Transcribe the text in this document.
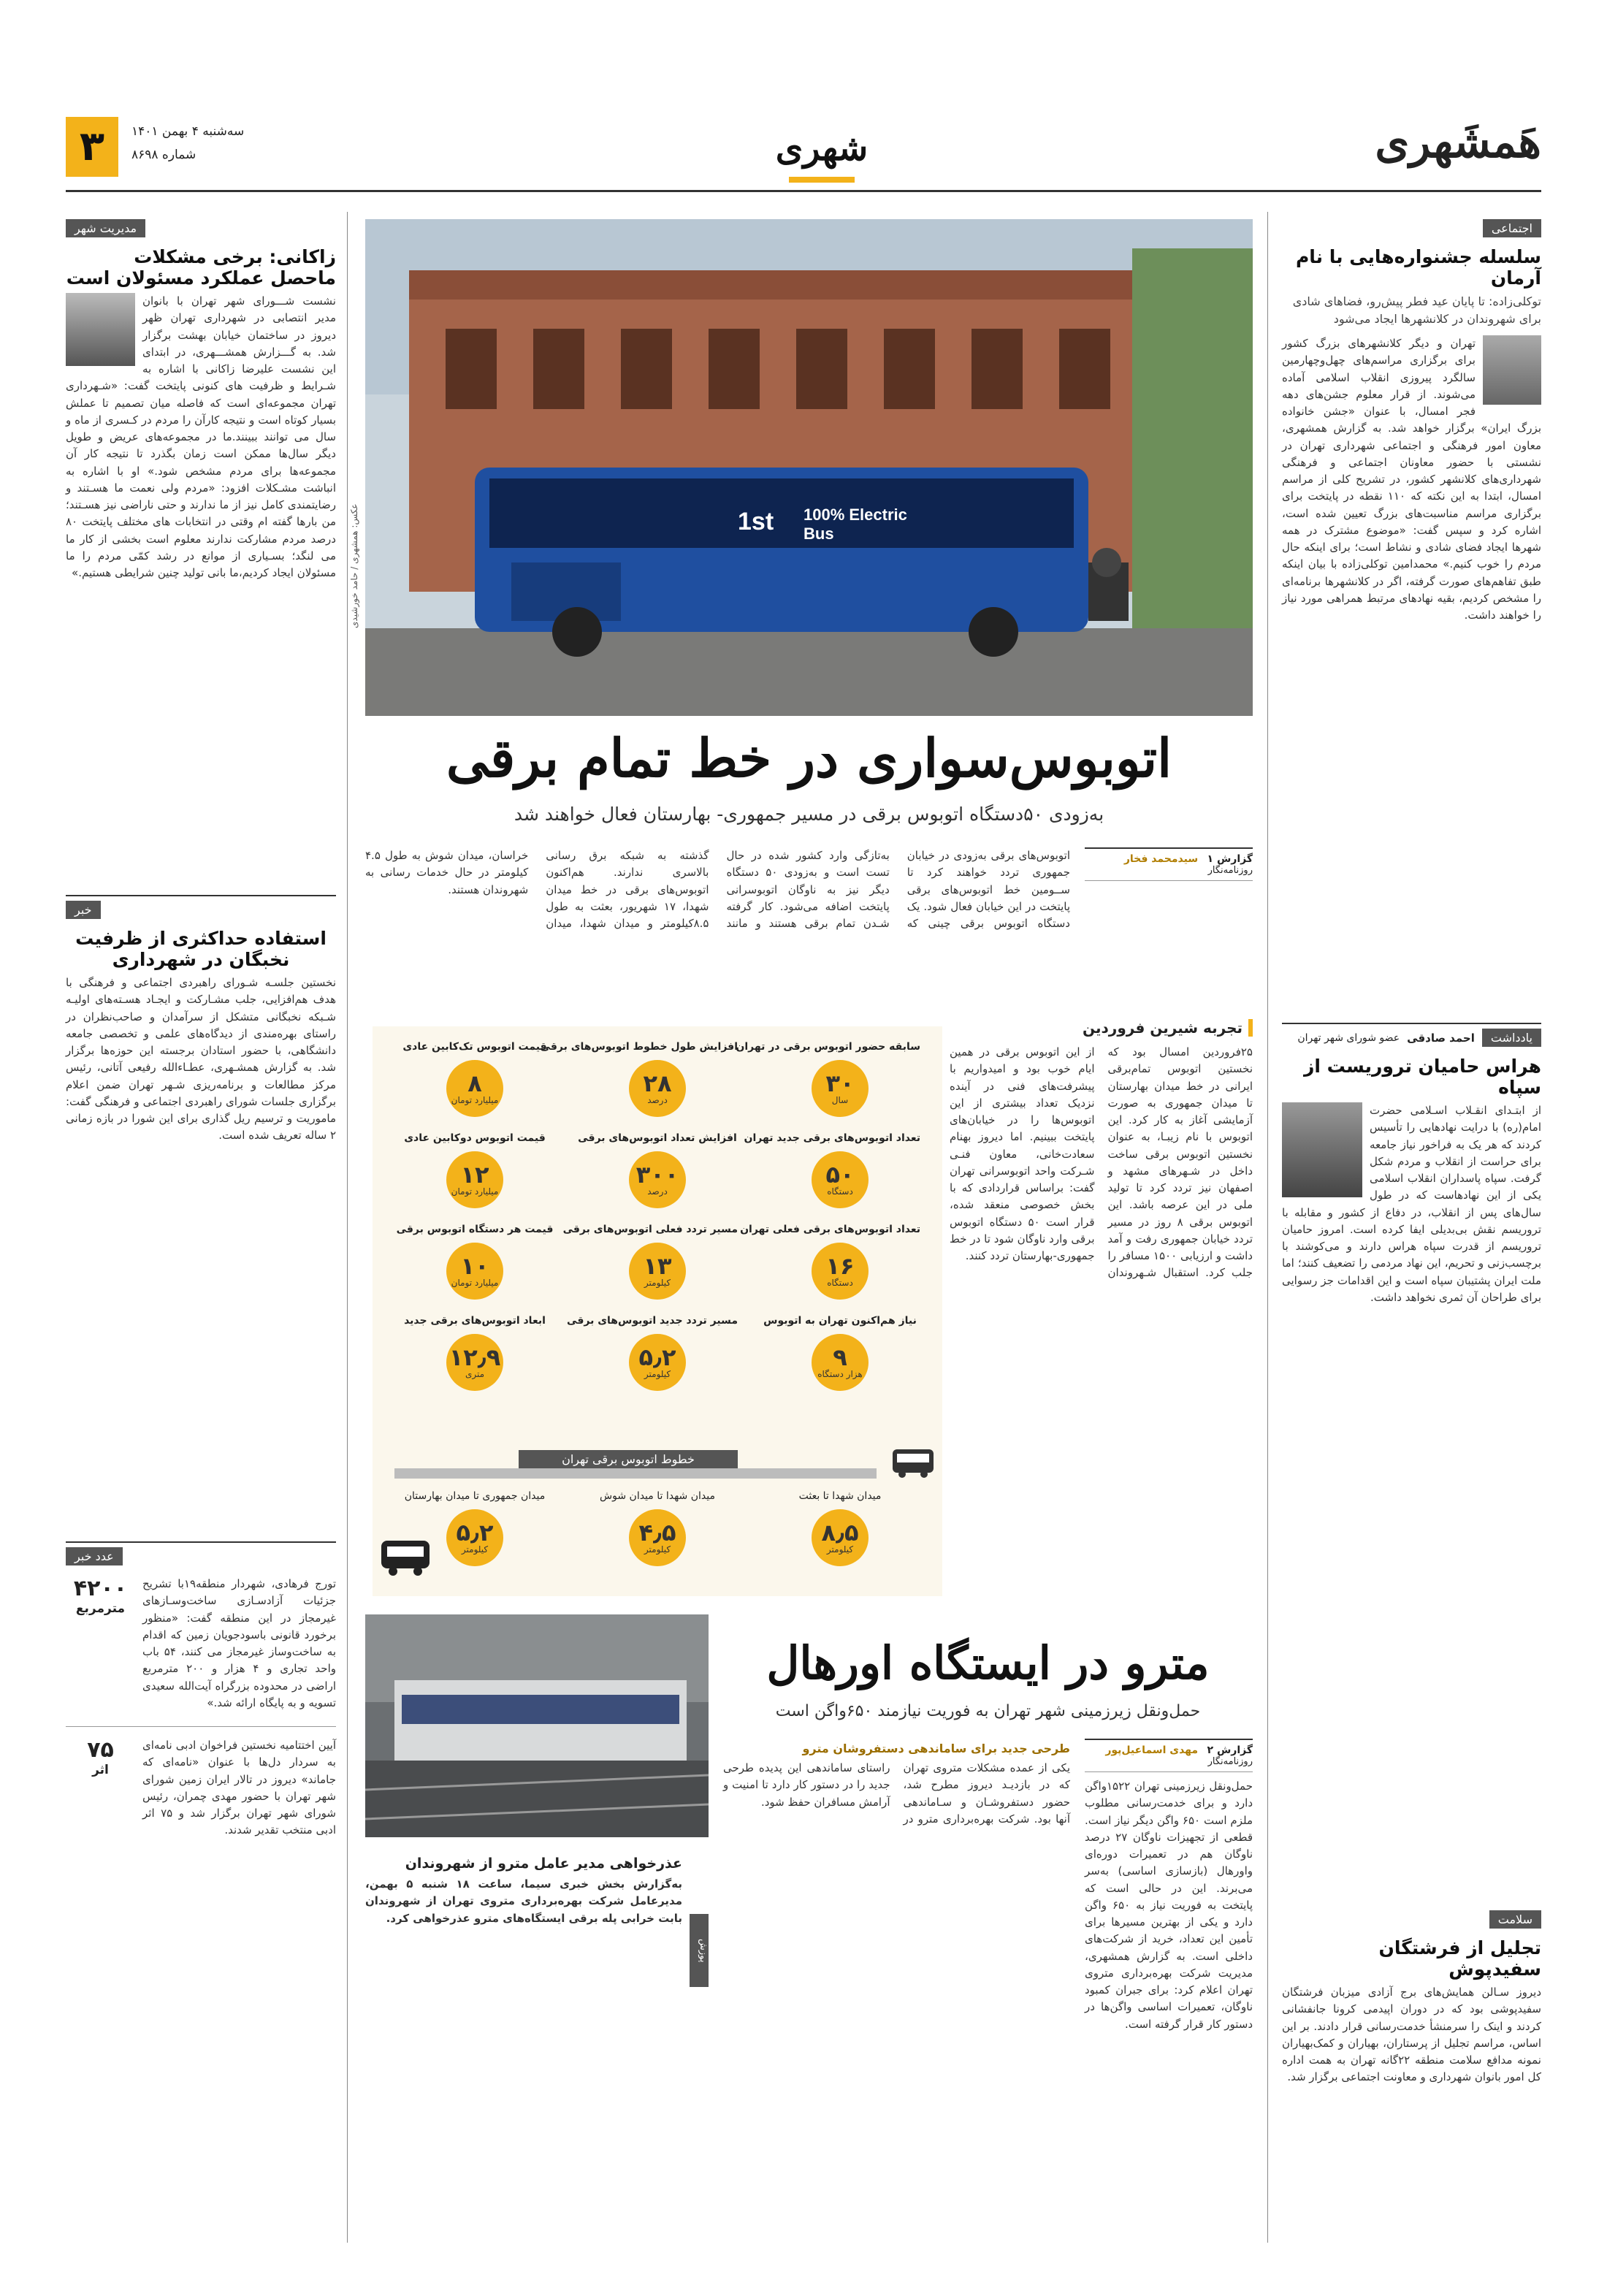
هَمشَهری
شهری
۳	سه‌شنبه ۴ بهمن ۱۴۰۱
شماره ۸۶۹۸
اجتماعی
سلسله جشنواره‌هایی با نام آرمان

توکلی‌زاده: تا پایان عید فطر پیش‌رو، فضاهای شادی برای شهروندان در کلانشهرها ایجاد می‌شود

تهران و دیگر کلانشهرهای بزرگ کشور برای برگزاری مراسم‌های چهل‌وچهارمین سالگرد پیروزی انقلاب اسلامی آماده می‌شوند. از قرار معلوم جشن‌های دهه فجر امسال، با عنوان «جشن خانواده بزرگ ایران» برگزار خواهد شد. به گزارش همشهری، معاون امور فرهنگی و اجتماعی شهرداری تهران در نشستی با حضور معاونان اجتماعی و فرهنگی شهرداری‌های کلانشهر کشور، در تشریح کلی از مراسم امسال، ابتدا به این نکته که ۱۱۰ نقطه در پایتخت برای برگزاری مراسم مناسبت‌های بزرگ تعیین شده است، اشاره کرد و سپس گفت: «موضوع مشترک در همه شهرها ایجاد فضای شادی و نشاط است؛ برای اینکه حال مردم را خوب کنیم.» محمدامین توکلی‌زاده با بیان اینکه طبق تفاهم‌های صورت گرفته، اگر در کلانشهرها برنامه‌ای را مشخص کردیم، بقیه نهادهای مرتبط همراهی مورد نیاز را خواهند داشت.

یادداشت
احمد صادقی
عضو شورای شهر تهران
هراس حامیان تروریست از سپاه

از ابتـدای انقـلاب اسـلامی حضرت امام(ره) با درایت نهادهایی را تأسیس کردند که هر یک به فراخور نیاز جامعه برای حراست از انقلاب و مردم شکل گرفت. سپاه پاسداران انقلاب اسلامی یکی از این نهادهاست که در طول سال‌های پس از انقلاب، در دفاع از کشور و مقابله با تروریسم نقش بی‌بدیلی ایفا کرده است. امروز حامیان تروریسم از قدرت سپاه هراس دارند و می‌کوشند با برچسب‌زنی و تحریم، این نهاد مردمی را تضعیف کنند؛ اما ملت ایران پشتیبان سپاه است و این اقدامات جز رسوایی برای طراحان آن ثمری نخواهد داشت.

سلامت
تجلیل از فرشتگان سفیدپوش

دیروز سـالن همایش‌های برج آزادی میزبان فرشتگان سفیدپوشی بود که در دوران اپیدمی کرونا جانفشانی کردند و اینک را سرمنشأ خدمت‌رسانی قرار دادند. بر این اساس، مراسم تجلیل از پرستاران، بهیاران و کمک‌بهیاران نمونه مدافع سلامت منطقه ۲۲گانه تهران به همت اداره کل امور بانوان شهرداری و معاونت اجتماعی برگزار شد.

مدیریت شهر
زاکانی: برخی مشکلات ماحصل عملکرد مسئولان است

نشست شـــورای شهر تهران با بانوان مدیر انتصابی در شهرداری تهران ظهر دیروز در ساختمان خیابان بهشت برگزار شد. به گـــزارش همشـــهری، در ابتدای این نشست علیرضا زاکانی با اشاره به شـرایط و ظرفیت های کنونی پایتخت گفت: «شـهرداری تهران مجموعه‌ای است که فاصله میان تصمیم تا عملش بسیار کوتاه است و نتیجه کارآن را مردم در کـسری از ماه و سال می توانند ببینند.ما در مجموعه‌های عریض و طویل دیگر سال‌ها ممکن است زمان بگذرد تا نتیجه کار آن مجموعه‌ها برای مردم مشخص شود.» او با اشاره به انباشت مشـکلات افزود: «مردم ولی نعمت ما هسـتند و رضایتمندی کامل نیز از ما ندارند و حتی ناراضی نیز هسـتند؛ من بارها گفته ام وقتی در انتخابات های مختلف پایتخت ۸۰ درصد مردم مشارکت ندارند معلوم است بخشی از کار ما می لنگد؛ بسـیاری از موانع در رشد کمّی مردم را ما مسئولان ایجاد کردیم،ما بانی تولید چنین شرایطی هستیم.»

خبر
استفاده حداکثری از ظرفیت نخبگان در شهرداری

نخستین جلسـه شـورای راهبردی اجتماعی و فرهنگی با هدف هم‌افزایی، جلب مشـارکت و ایجـاد هسـته‌های اولیـه شـبکه نخبگانی متشکل از سرآمدان و صاحب‌نظران در راستای بهره‌مندی از دیدگاه‌های علمی و تخصصی جامعه دانشگاهی، با حضور استادان برجسته این حوزه‌ها برگزار شد. به گزارش همشـهری، عطـاءالله رفیعی آتانی، رئیس مرکز مطالعات و برنامه‌ریزی شـهر تهران ضمن اعلام برگزاری جلسات شورای راهبردی اجتماعی و فرهنگی گفت: ماموریت و ترسیم ریل گذاری برای این شورا در بازه زمانی ۲ ساله تعریف شده است.

عدد خبر

تورج فرهادی، شهردار منطقه۱۹با تشریح جزئیات آزادسـازی ساخت‌وسـازهای غیرمجاز در این منطقه گفت: «منظور برخورد قانونی باسودجویان زمین که اقدام به ساخت‌وساز غیرمجاز می کنند، ۵۴ باب واحد تجاری و ۴ هزار و ۲۰۰ مترمربع اراضی در محدوده بزرگراه آیت‌الله سعیدی تسویه و به پایگاه ارائه شد.»

۴۲۰۰
مترمربع

آیین اختتامیه نخستین فراخوان ادبی نامه‌ای به سردار دل‌ها با عنوان «نامه‌ای که جاماند» دیروز در تالار ایران زمین شورای شهر تهران با حضور مهدی چمران، رئیس شورای شهر تهران برگزار شد و ۷۵ اثر ادبی منتخب تقدیر شدند.

۷۵
اثر
1st 100% Electric Bus
عکس: همشهری / حامد خورشیدی
اتوبوس‌سواری در خط تمام برقی
به‌زودی ۵۰دستگاه اتوبوس برقی در مسیر جمهوری- بهارستان فعال خواهند شد
گزارش ۱ سید‌محمد فخار
روزنامه‌نگار

اتوبوس‌های برقی به‌زودی در خیابان جمهوری تردد خواهند کرد تا ســومین خط اتوبوس‌های برقی پایتخت در این خیابان فعال شود. یک دستگاه اتوبوس برقی چینی که به‌تازگی وارد کشور شده در حال تست است و به‌زودی ۵۰ دستگاه دیگر نیز به ناوگان اتوبوسرانی پایتخت اضافه می‌شود. کار گرفته شـدن تمام برقی هستند و مانند گذشته به شبکه برق رسانی بالاسری ندارند. هم‌اکنون اتوبوس‌های برقی در خط میدان شهدا، ۱۷ شهریور، بعثت به طول ۸.۵کیلومتر و میدان شهدا، میدان خراسان، میدان شوش به طول ۴.۵ کیلومتر در حال خدمات رسانی به شهروندان هستند.

تجربه شیرین فروردین

۲۵فروردین امسال بود که نخستین اتوبوس تمام‌برقی ایرانی در خط میدان بهارستان تا میدان جمهوری به صورت آزمایشی آغاز به کار کرد. این اتوبوس با نام زیبـا، به عنوان نخستین اتوبوس برقی ساخت داخل در شـهرهای مشهد و اصفهان نیز تردد کرد تا تولید ملی در این عرصه باشد. این اتوبوس برقی ۸ روز در مسیر تردد خیابان جمهوری رفت و آمد داشت و ارزیابی ۱۵۰۰ مسافر را جلب کرد. استقبال شـهروندان از این اتوبوس برقی در همین ایام خوب بود و امیدواریم با پیشرفت‌های فنی در آینده نزدیک تعداد بیشتری از این اتوبوس‌ها را در خیابان‌های پایتخت ببینیم. اما دیروز بهنام سعادت‌خانی، معاون فنـی شـرکت واحد اتوبوسرانی تهران گفت: براساس قراردادی که با بخش خصوصی منعقد شده، قرار است ۵۰ دستگاه اتوبوس برقی وارد ناوگان شود تا در خط جمهوری-بهارستان تردد کنند.

سابقه حضور اتوبوس برقی در تهران
۳۰
سال
افزایش طول خطوط اتوبوس‌های برقی
۲۸
درصد
قیمت اتوبوس تک‌کابین عادی
۸
میلیارد تومان
تعداد اتوبوس‌های برقی جدید تهران
۵۰
دستگاه
افزایش تعداد اتوبوس‌های برقی
۳۰۰
درصد
قیمت اتوبوس دوکابین عادی
۱۲
میلیارد تومان
تعداد اتوبوس‌های برقی فعلی تهران
۱۶
دستگاه
مسیر تردد فعلی اتوبوس‌های برقی
۱۳
کیلومتر
قیمت هر دستگاه اتوبوس برقی
۱۰
میلیارد تومان
نیاز هم‌اکنون تهران به اتوبوس
۹
هزار دستگاه
مسیر تردد جدید اتوبوس‌های برقی
۵٫۲
کیلومتر
ابعاد اتوبوس‌های برقی جدید
۱۲٫۹
متری
خطوط اتوبوس برقی تهران
میدان شهدا تا بعثت
۸٫۵
کیلومتر
میدان شهدا تا میدان شوش
۴٫۵
کیلومتر
میدان جمهوری تا میدان بهارستان
۵٫۲
کیلومتر
مترو در ایستگاه اورهال
حمل‌ونقل زیرزمینی شهر تهران به فوریت نیازمند ۶۵۰واگن است
گزارش ۲ مهدی اسماعیل‌پور
روزنامه‌نگار

حمل‌ونقل زیرزمینی تهران ۱۵۲۲واگن دارد و برای خدمت‌رسانی مطلوب ملزم است ۶۵۰ واگن دیگر نیاز است. قطعی از تجهیزات ناوگان ۲۷ درصد ناوگان هم در تعمیرات دوره‌ای واورهال (بازسازی اساسی) به‌سر می‌برند. این در حالی است که پایتخت به فوریت نیاز به ۶۵۰ واگن دارد و یکی از بهترین مسیرها برای تأمین این تعداد، خرید از شرکت‌های داخلی است. به گزارش همشهری، مدیریت شرکت بهره‌برداری متروی تهران اعلام کرد: برای جبران کمبود ناوگان، تعمیرات اساسی واگن‌ها در دستور کار قرار گرفته است.

طرحی جدید برای ساماندهی دستفروشان مترو

یکی از عمده مشکلات متروی تهران که در بازدیـد دیروز مطرح شد، حضور دستفروشـان و سـاماندهی آنها بود. شرکت بهره‌برداری مترو در راستای ساماندهی این پدیده طرحی جدید را در دستور کار دارد تا امنیت و آرامش مسافران حفظ شود.

پوزش
عذرخواهی مدیر عامل مترو از شهروندان

به‌گزارش بخش خبری سیما، ساعت ۱۸ شنبه ۵ بهمن، مدیرعامل شرکت بهره‌برداری متروی تهران از شهروندان بابت خرابی پله برقی ایستگاه‌های مترو عذرخواهی کرد.
